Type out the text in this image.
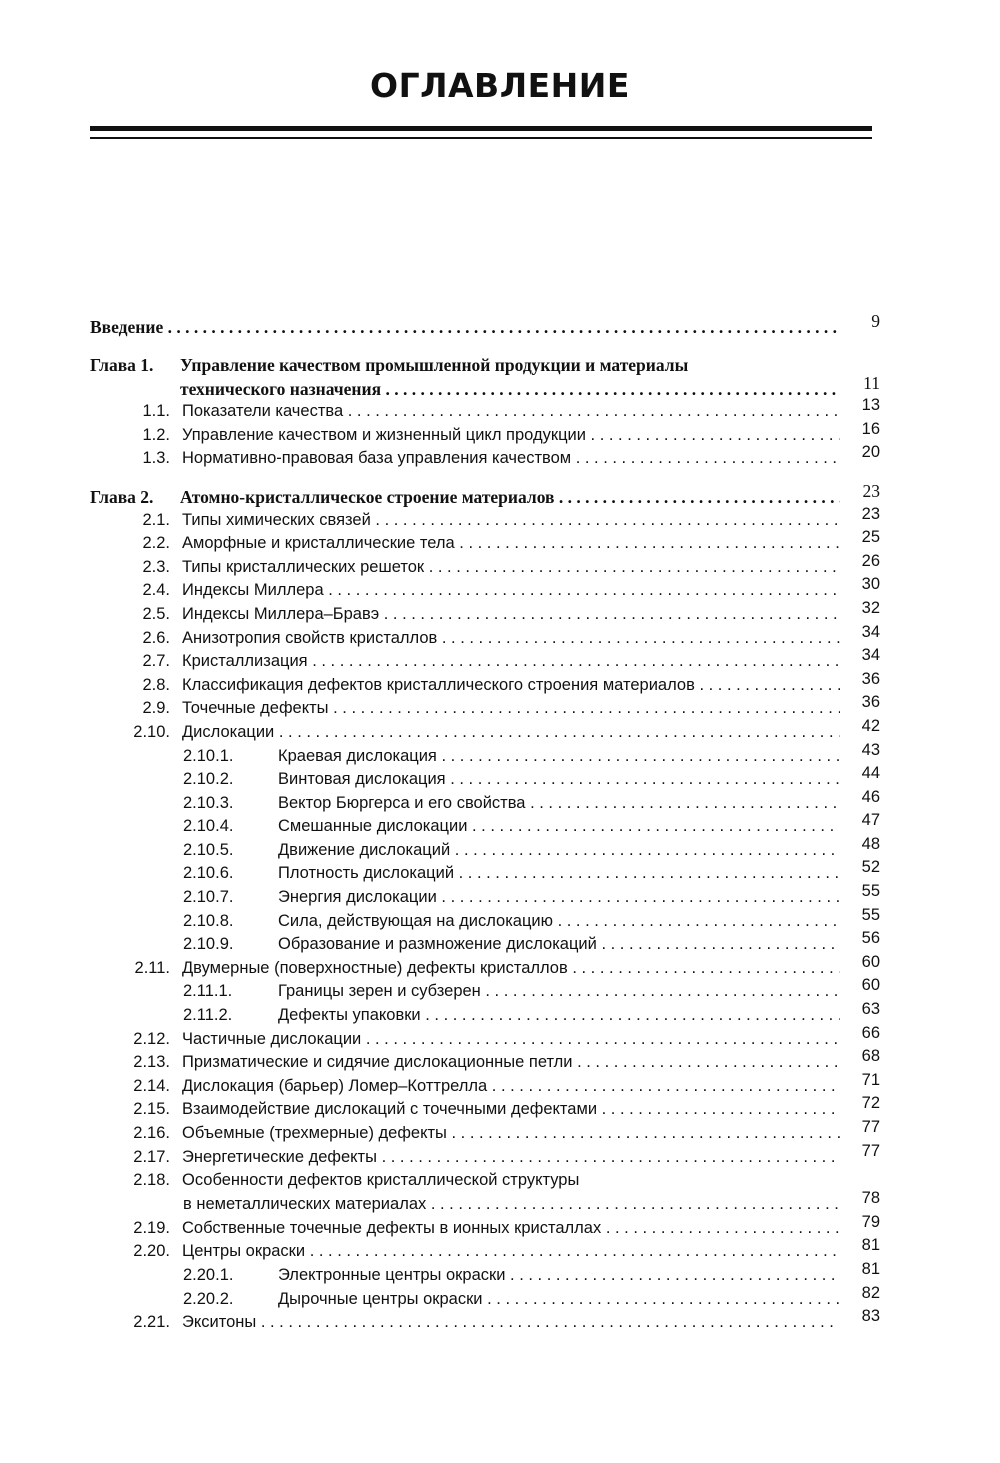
ОГЛАВЛЕНИЕ
Введение . . .	9
Глава 1. Управление качеством промышленной продукции и материалы
технического назначения . . .	11
1.1. Показатели качества . . .	13
1.2. Управление качеством и жизненный цикл продукции . . .	16
1.3. Нормативно-правовая база управления качеством . . .	20
Глава 2. Атомно-кристаллическое строение материалов . . .	23
2.1. Типы химических связей . . .	23
2.2. Аморфные и кристаллические тела . . .	25
2.3. Типы кристаллических решеток . . .	26
2.4. Индексы Миллера . . .	30
2.5. Индексы Миллера–Бравэ . . .	32
2.6. Анизотропия свойств кристаллов . . .	34
2.7. Кристаллизация . . .	34
2.8. Классификация дефектов кристаллического строения материалов . . .	36
2.9. Точечные дефекты . . .	36
2.10. Дислокации . . .	42
2.10.1.	Краевая дислокация . . .	43
2.10.2.	Винтовая дислокация . . .	44
2.10.3.	Вектор Бюргерса и его свойства . . .	46
2.10.4.	Смешанные дислокации . . .	47
2.10.5.	Движение дислокаций . . .	48
2.10.6.	Плотность дислокаций . . .	52
2.10.7.	Энергия дислокации . . .	55
2.10.8.	Сила, действующая на дислокацию . . .	55
2.10.9.	Образование и размножение дислокаций . . .	56
2.11. Двумерные (поверхностные) дефекты кристаллов . . .	60
2.11.1.	Границы зерен и субзерен . . .	60
2.11.2.	Дефекты упаковки . . .	63
2.12. Частичные дислокации . . .	66
2.13. Призматические и сидячие дислокационные петли . . .	68
2.14. Дислокация (барьер) Ломер–Коттрелла . . .	71
2.15. Взаимодействие дислокаций с точечными дефектами . . .	72
2.16. Объемные (трехмерные) дефекты . . .	77
2.17. Энергетические дефекты . . .	77
2.18. Особенности дефектов кристаллической структуры
в неметаллических материалах . . .	78
2.19. Собственные точечные дефекты в ионных кристаллах . . .	79
2.20. Центры окраски . . .	81
2.20.1.	Электронные центры окраски . . .	81
2.20.2.	Дырочные центры окраски . . .	82
2.21. Экситоны . . .	83
